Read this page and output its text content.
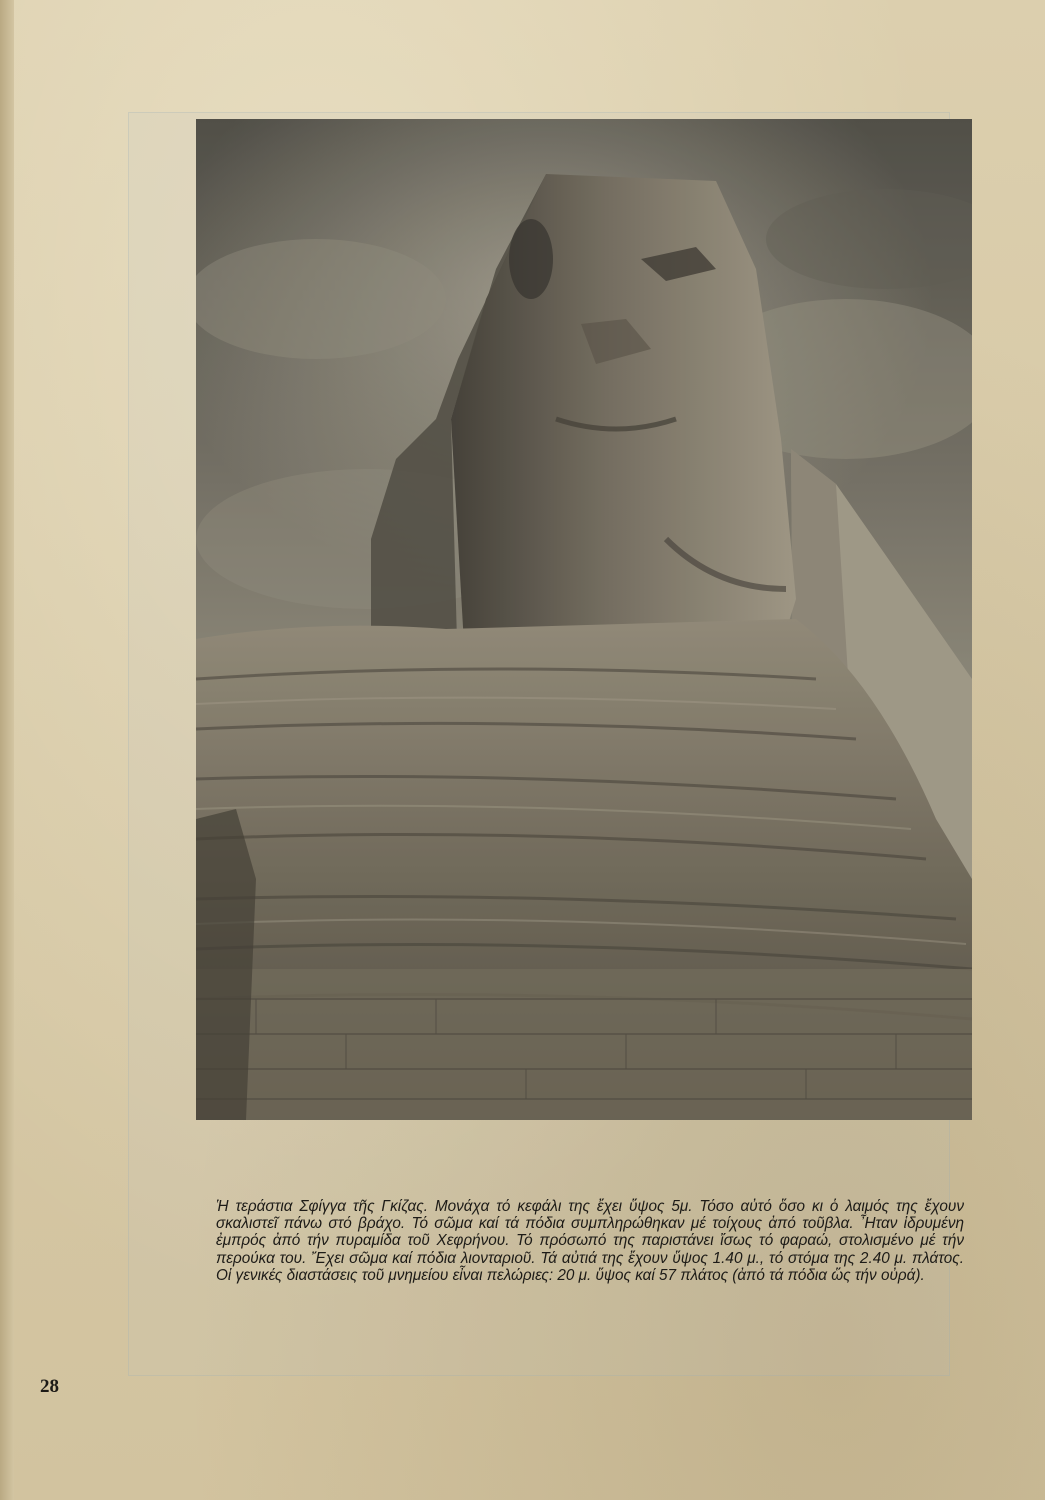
Ἡ τεράστια Σφίγγα τῆς Γκίζας. Μονάχα τό κεφάλι της ἔχει ὕψος 5μ. Τόσο αὐτό ὅσο κι ὁ λαιμός της ἔχουν σκαλιστεῖ πάνω στό βράχο. Τό σῶμα καί τά πόδια συμπληρώθηκαν μέ τοίχους ἀπό τοῦβλα. Ἦταν ἱδρυμένη ἐμπρός ἀπό τήν πυραμίδα τοῦ Χεφρήνου. Τό πρόσωπό της παριστάνει ἴσως τό φαραώ, στολισμένο μέ τήν περούκα του. Ἔχει σῶμα καί πόδια λιονταριοῦ. Τά αὐτιά της ἔχουν ὕψος 1.40 μ., τό στόμα της 2.40 μ. πλάτος. Οἱ γενικές διαστάσεις τοῦ μνημείου εἶναι πελώριες: 20 μ. ὕψος καί 57 πλάτος (ἀπό τά πόδια ὥς τήν οὐρά).

28
